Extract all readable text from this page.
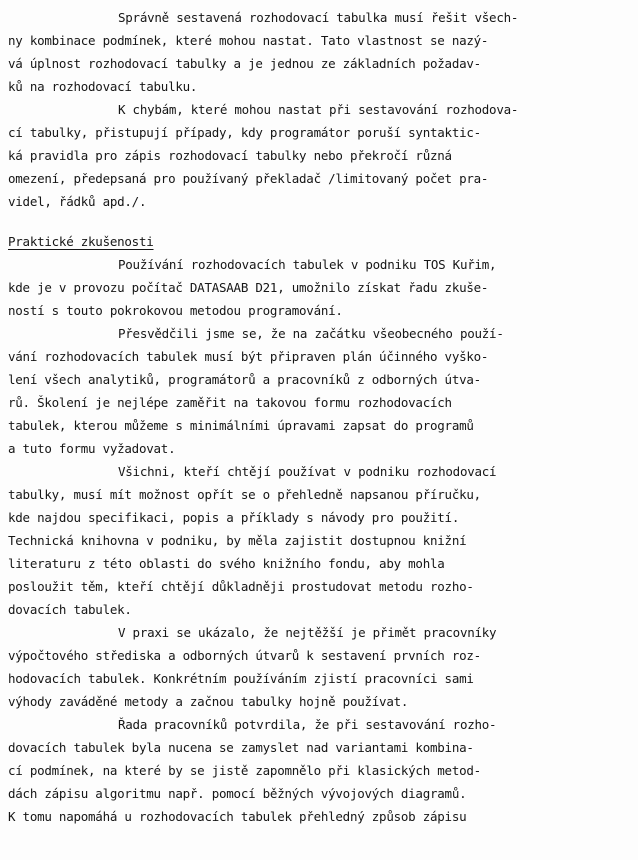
Správně sestavená rozhodovací tabulka musí řešit všech-
ny kombinace podmínek, které mohou nastat. Tato vlastnost se nazý-
vá úplnost rozhodovací tabulky a je jednou ze základních požadav-
ků na rozhodovací tabulku.
K chybám, které mohou nastat při sestavování rozhodova-
cí tabulky, přistupují případy, kdy programátor poruší syntaktic-
ká pravidla pro zápis rozhodovací tabulky nebo překročí různá
omezení, předepsaná pro používaný překladač /limitovaný počet pra-
videl, řádků apd./.
Praktické zkušenosti
Používání rozhodovacích tabulek v podniku TOS Kuřim,
kde je v provozu počítač DATASAAB D21, umožnilo získat řadu zkuše-
ností s touto pokrokovou metodou programování.
Přesvědčili jsme se, že na začátku všeobecného použí-
vání rozhodovacích tabulek musí být připraven plán účinného vyško-
lení všech analytiků, programátorů a pracovníků z odborných útva-
rů. Školení je nejlépe zaměřit na takovou formu rozhodovacích
tabulek, kterou můžeme s minimálními úpravami zapsat do programů
a tuto formu vyžadovat.
Všichni, kteří chtějí používat v podniku rozhodovací
tabulky, musí mít možnost opřít se o přehledně napsanou příručku,
kde najdou specifikaci, popis a příklady s návody pro použití.
Technická knihovna v podniku, by měla zajistit dostupnou knižní
literaturu z této oblasti do svého knižního fondu, aby mohla
posloužit těm, kteří chtějí důkladněji prostudovat metodu rozho-
dovacích tabulek.
V praxi se ukázalo, že nejtěžší je přimět pracovníky
výpočtového střediska a odborných útvarů k sestavení prvních roz-
hodovacích tabulek. Konkrétním používáním zjistí pracovníci sami
výhody zaváděné metody a začnou tabulky hojně používat.
Řada pracovníků potvrdila, že při sestavování rozho-
dovacích tabulek byla nucena se zamyslet nad variantami kombina-
cí podmínek, na které by se jistě zapomnělo při klasických metod-
dách zápisu algoritmu např. pomocí běžných vývojových diagramů.
K tomu napomáhá u rozhodovacích tabulek přehledný způsob zápisu
